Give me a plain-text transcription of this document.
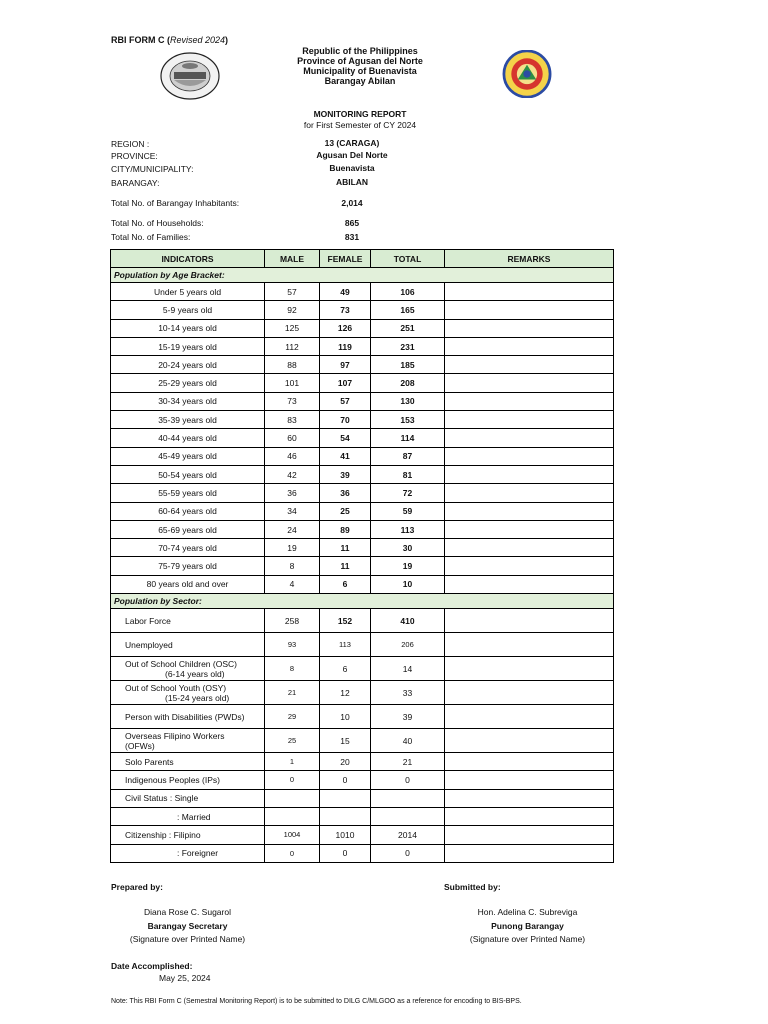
RBI FORM C (Revised 2024)
Republic of the Philippines
Province of Agusan del Norte
Municipality of Buenavista
Barangay Abilan
MONITORING REPORT
for First Semester of CY 2024
REGION :	13 (CARAGA)
PROVINCE:	Agusan Del Norte
CITY/MUNICIPALITY:	Buenavista
BARANGAY:	ABILAN
Total No. of Barangay Inhabitants:	2,014
Total No. of Households:	865
Total No. of Families:	831
INDICATORS	MALE	FEMALE	TOTAL	REMARKS
Population by Age Bracket:				
Under 5 years old	57	49	106	
5-9 years old	92	73	165	
10-14 years old	125	126	251	
15-19 years old	112	119	231	
20-24 years old	88	97	185	
25-29 years old	101	107	208	
30-34 years old	73	57	130	
35-39 years old	83	70	153	
40-44 years old	60	54	114	
45-49 years old	46	41	87	
50-54 years old	42	39	81	
55-59 years old	36	36	72	
60-64 years old	34	25	59	
65-69 years old	24	89	113	
70-74 years old	19	11	30	
75-79 years old	8	11	19	
80 years old and over	4	6	10	
Population by Sector:				

Labor Force	258	152	410	

Unemployed	93	113	206	

Out of School Children (OSC)
(6-14 years old)	8	6	14	

Out of School Youth (OSY)
(15-24 years old)	21	12	33	

Person with Disabilities (PWDs)	29	10	39	

Overseas Filipino Workers
(OFWs)	25	15	40	

Solo Parents	1	20	21	

Indigenous Peoples (IPs)	0	0	0	

Civil Status : Single				

: Married				

Citizenship : Filipino	1004	1010	2014	

: Foreigner	0	0	0	
Prepared by:	Submitted by:
Diana Rose C. Sugarol
Barangay Secretary
(Signature over Printed Name)
Hon. Adelina C. Subreviga
Punong Barangay
(Signature over Printed Name)
Date Accomplished:
May 25, 2024
Note: This RBI Form C (Semestral Monitoring Report) is to be submitted to DILG C/MLGOO as a reference for encoding to BIS-BPS.
